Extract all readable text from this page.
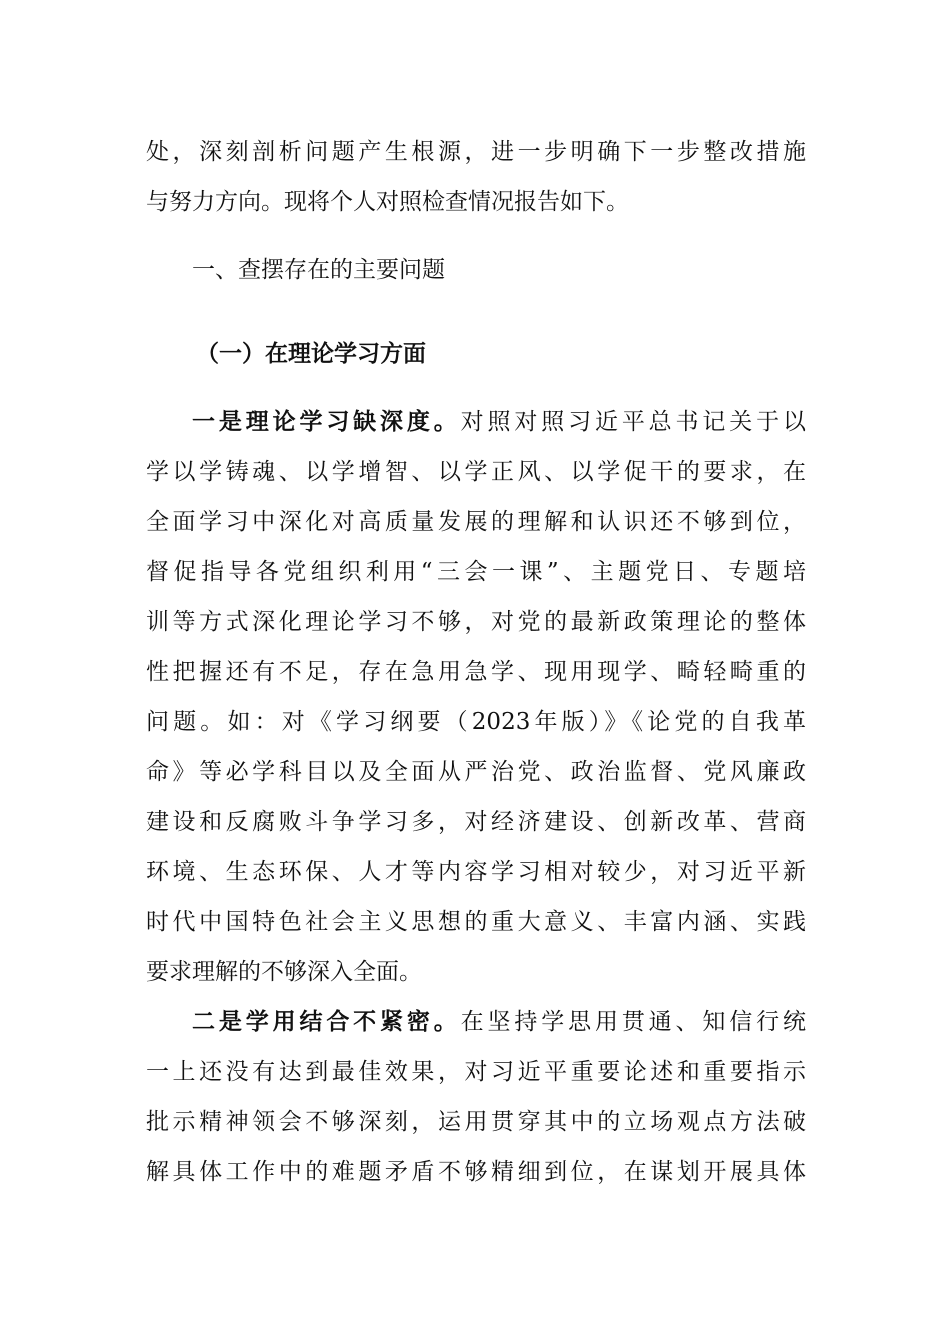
处，深刻剖析问题产生根源，进一步明确下一步整改措施
与努力方向。现将个人对照检查情况报告如下。
一、查摆存在的主要问题
（一）在理论学习方面
一是理论学习缺深度。对照对照习近平总书记关于以
学以学铸魂、以学增智、以学正风、以学促干的要求，在
全面学习中深化对高质量发展的理解和认识还不够到位，
督促指导各党组织利用“三会一课”、主题党日、专题培
训等方式深化理论学习不够，对党的最新政策理论的整体
性把握还有不足，存在急用急学、现用现学、畸轻畸重的
问题。如：对《学习纲要（2023年版）》《论党的自我革
命》等必学科目以及全面从严治党、政治监督、党风廉政
建设和反腐败斗争学习多，对经济建设、创新改革、营商
环境、生态环保、人才等内容学习相对较少，对习近平新
时代中国特色社会主义思想的重大意义、丰富内涵、实践
要求理解的不够深入全面。
二是学用结合不紧密。在坚持学思用贯通、知信行统
一上还没有达到最佳效果，对习近平重要论述和重要指示
批示精神领会不够深刻，运用贯穿其中的立场观点方法破
解具体工作中的难题矛盾不够精细到位，在谋划开展具体
